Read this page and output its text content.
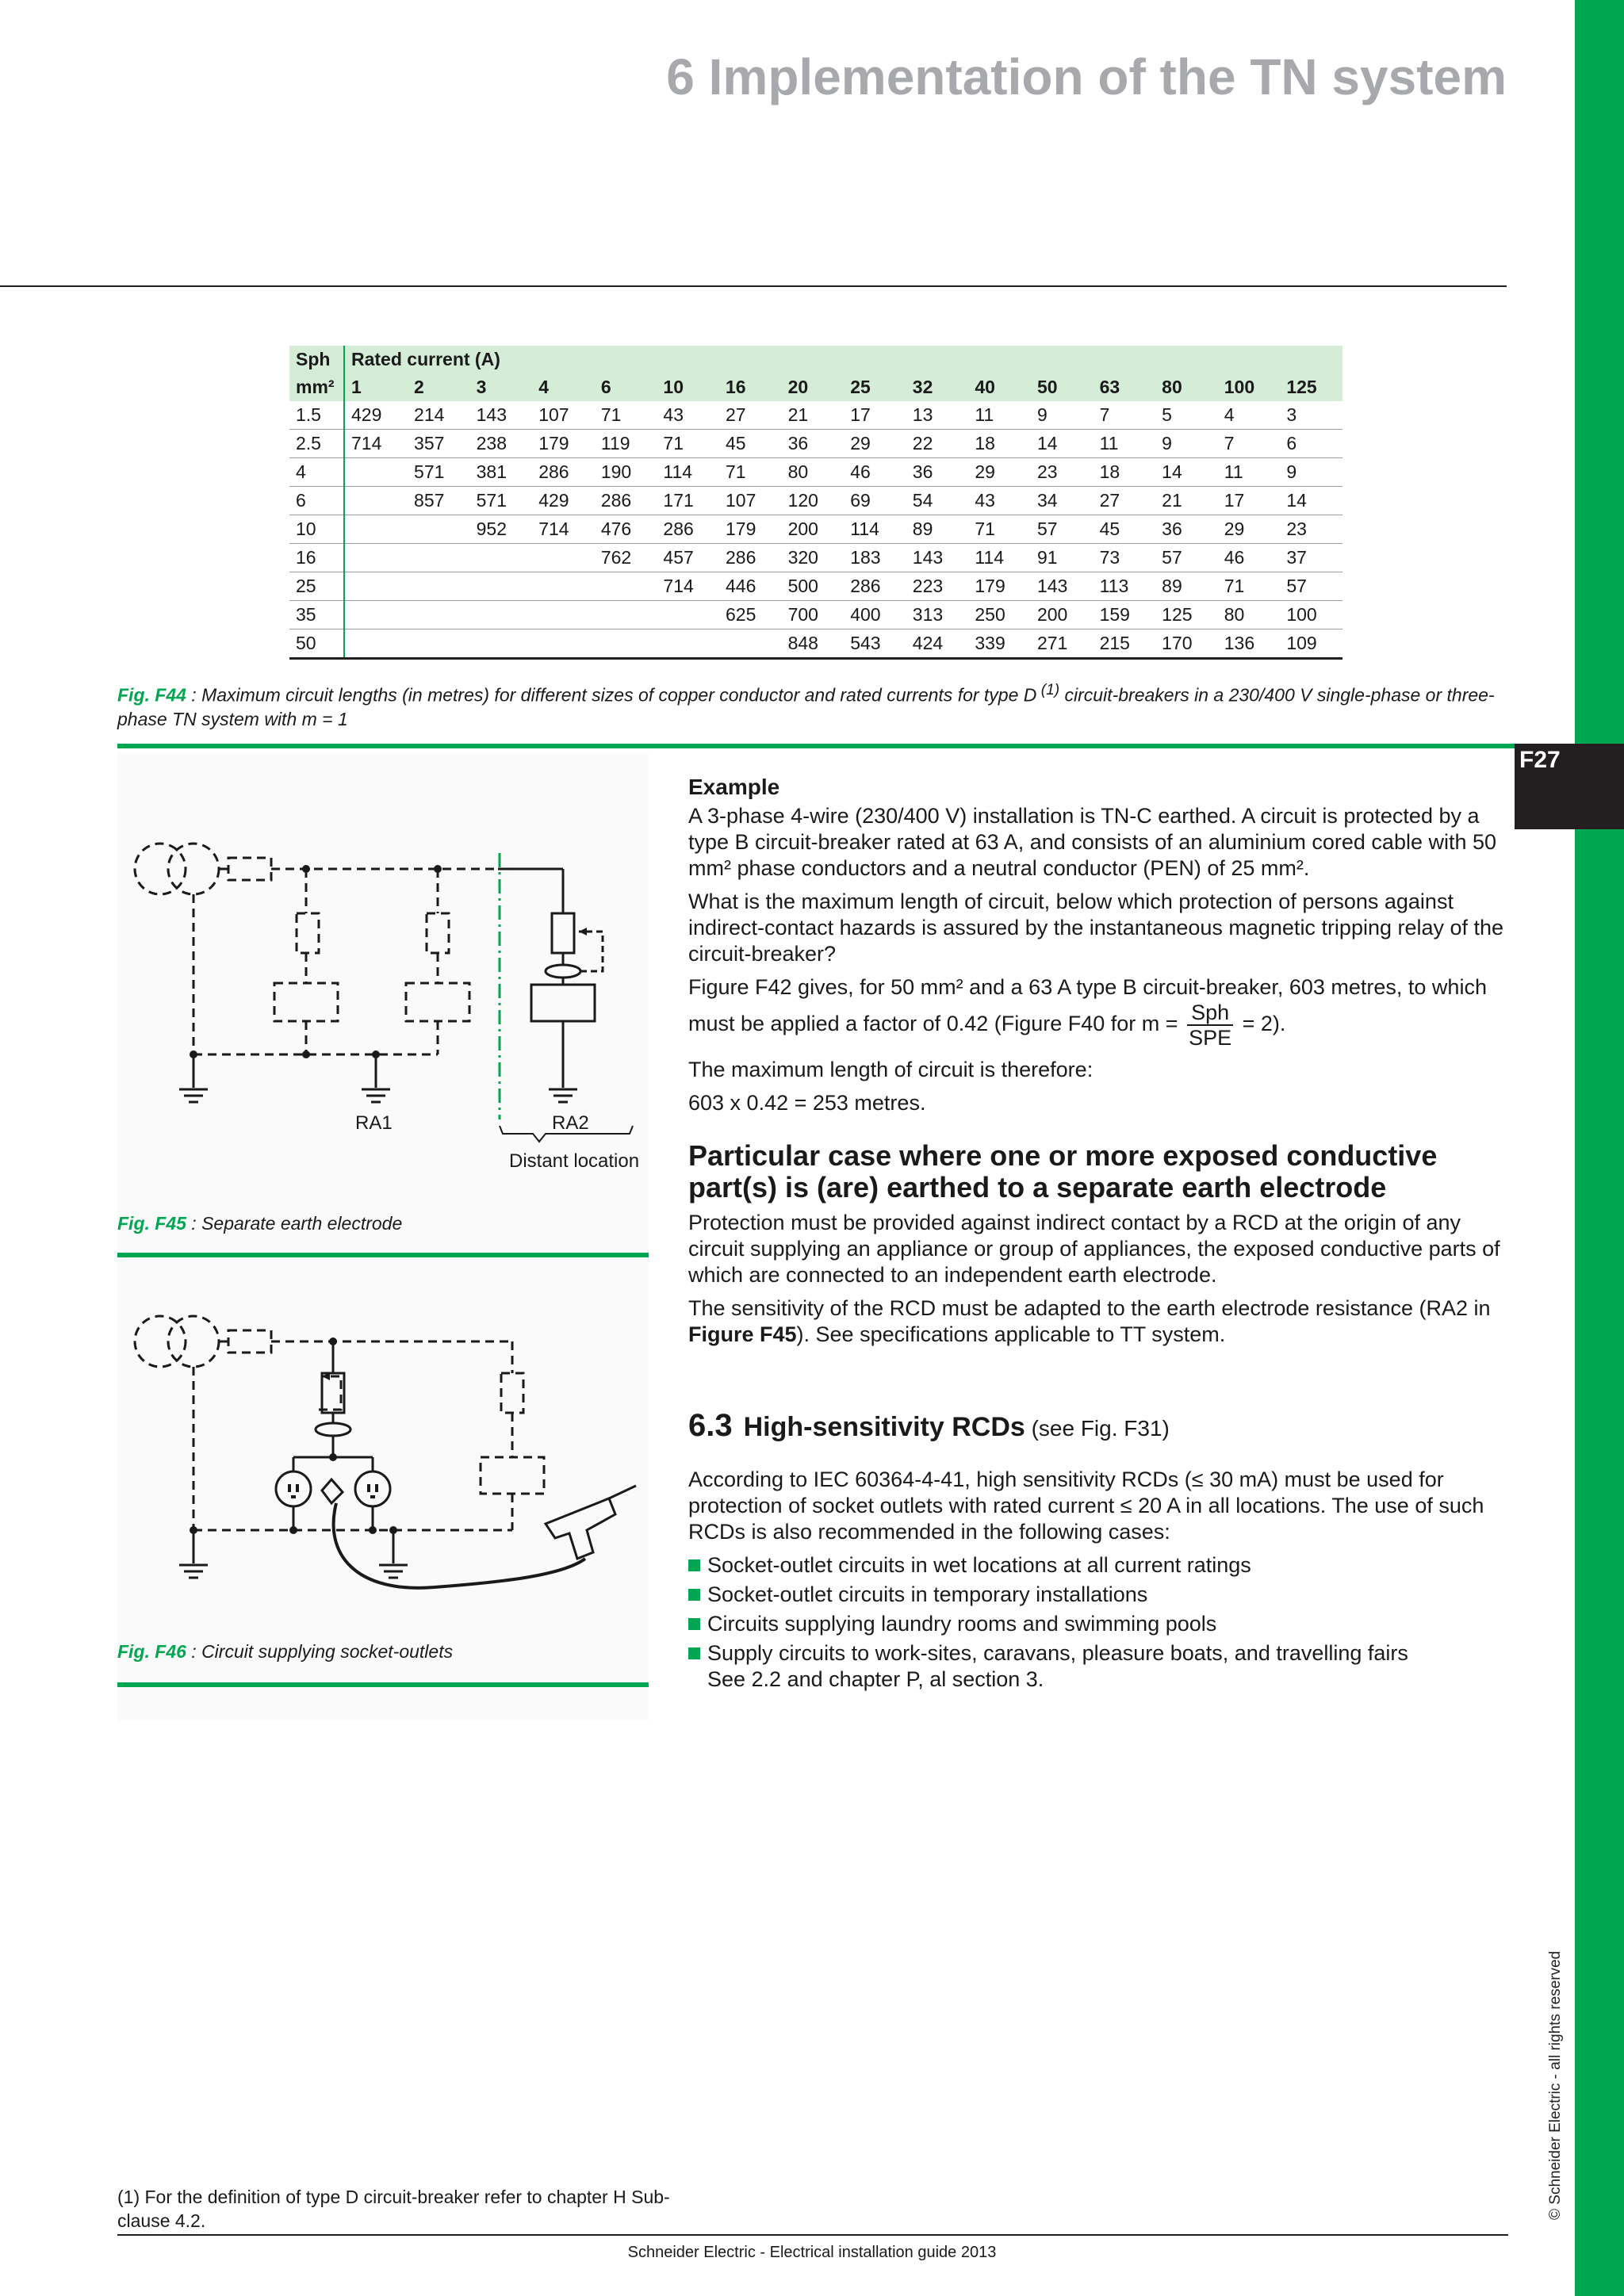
F27
© Schneider Electric - all rights reserved
6 Implementation of the TN system
Sph	Rated current (A)															
mm²	1	2	3	4	6	10	16	20	25	32	40	50	63	80	100	125
1.5	429	214	143	107	71	43	27	21	17	13	11	9	7	5	4	3
2.5	714	357	238	179	119	71	45	36	29	22	18	14	11	9	7	6
4		571	381	286	190	114	71	80	46	36	29	23	18	14	11	9
6		857	571	429	286	171	107	120	69	54	43	34	27	21	17	14
10			952	714	476	286	179	200	114	89	71	57	45	36	29	23
16					762	457	286	320	183	143	114	91	73	57	46	37
25						714	446	500	286	223	179	143	113	89	71	57
35							625	700	400	313	250	200	159	125	80	100
50								848	543	424	339	271	215	170	136	109
Fig. F44 : Maximum circuit lengths (in metres) for different sizes of copper conductor and rated currents for type D $^{(1)}$ circuit-breakers in a 230/400 V single-phase or three-phase TN system with m = 1
RA1	RA2
Distant location
Fig. F45 : Separate earth electrode
Fig. F46 : Circuit supplying socket-outlets

Example

A 3-phase 4-wire (230/400 V) installation is TN-C earthed. A circuit is protected by a type B circuit-breaker rated at 63 A, and consists of an aluminium cored cable with 50 mm² phase conductors and a neutral conductor (PEN) of 25 mm².

What is the maximum length of circuit, below which protection of persons against indirect-contact hazards is assured by the instantaneous magnetic tripping relay of the circuit-breaker?

Figure F42 gives, for 50 mm² and a 63 A type B circuit-breaker, 603 metres, to which must be applied a factor of 0.42 (Figure F40 for $m = \frac{\text{Sph}}{\text{SPE}} = 2$).

The maximum length of circuit is therefore:

603 x 0.42 = 253 metres.

Particular case where one or more exposed conductive part(s) is (are) earthed to a separate earth electrode

Protection must be provided against indirect contact by a RCD at the origin of any circuit supplying an appliance or group of appliances, the exposed conductive parts of which are connected to an independent earth electrode.

The sensitivity of the RCD must be adapted to the earth electrode resistance (RA2 in Figure F45). See specifications applicable to TT system.

6.3 High-sensitivity RCDs (see Fig. F31)

According to IEC 60364-4-41, high sensitivity RCDs (≤ 30 mA) must be used for protection of socket outlets with rated current ≤ 20 A in all locations. The use of such RCDs is also recommended in the following cases:

Socket-outlet circuits in wet locations at all current ratings
Socket-outlet circuits in temporary installations
Circuits supplying laundry rooms and swimming pools
Supply circuits to work-sites, caravans, pleasure boats, and travelling fairs
See 2.2 and chapter P, al section 3.
(1) For the definition of type D circuit-breaker refer to chapter H Sub-clause 4.2.
Schneider Electric - Electrical installation guide 2013
